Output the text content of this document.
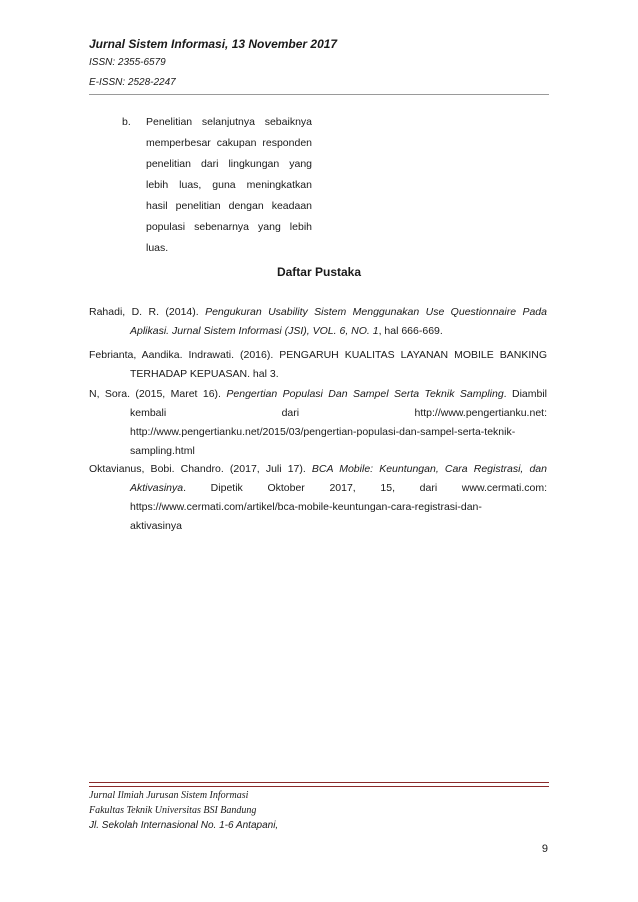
Jurnal Sistem Informasi, 13 November 2017
ISSN: 2355-6579
E-ISSN: 2528-2247
b. Penelitian selanjutnya sebaiknya
memperbesar cakupan responden
penelitian dari lingkungan yang
lebih luas, guna meningkatkan
hasil penelitian dengan keadaan
populasi sebenarnya yang lebih
luas.
Daftar Pustaka
Rahadi, D. R. (2014). Pengukuran Usability Sistem Menggunakan Use Questionnaire Pada
Aplikasi. Jurnal Sistem Informasi (JSI), VOL. 6, NO. 1, hal 666-669.
Febrianta, Aandika. Indrawati. (2016). PENGARUH KUALITAS LAYANAN MOBILE BANKING
TERHADAP KEPUASAN. hal 3.
N, Sora. (2015, Maret 16). Pengertian Populasi Dan Sampel Serta Teknik Sampling. Diambil
kembali dari http://www.pengertianku.net:
http://www.pengertianku.net/2015/03/pengertian-populasi-dan-sampel-serta-teknik-
sampling.html
Oktavianus, Bobi. Chandro. (2017, Juli 17). BCA Mobile: Keuntungan, Cara Registrasi, dan
Aktivasinya. Dipetik Oktober 2017, 15, dari www.cermati.com:
https://www.cermati.com/artikel/bca-mobile-keuntungan-cara-registrasi-dan-
aktivasinya
Jurnal Ilmiah Jurusan Sistem Informasi
Fakultas Teknik Universitas BSI Bandung
Jl. Sekolah Internasional No. 1-6 Antapani,
9
